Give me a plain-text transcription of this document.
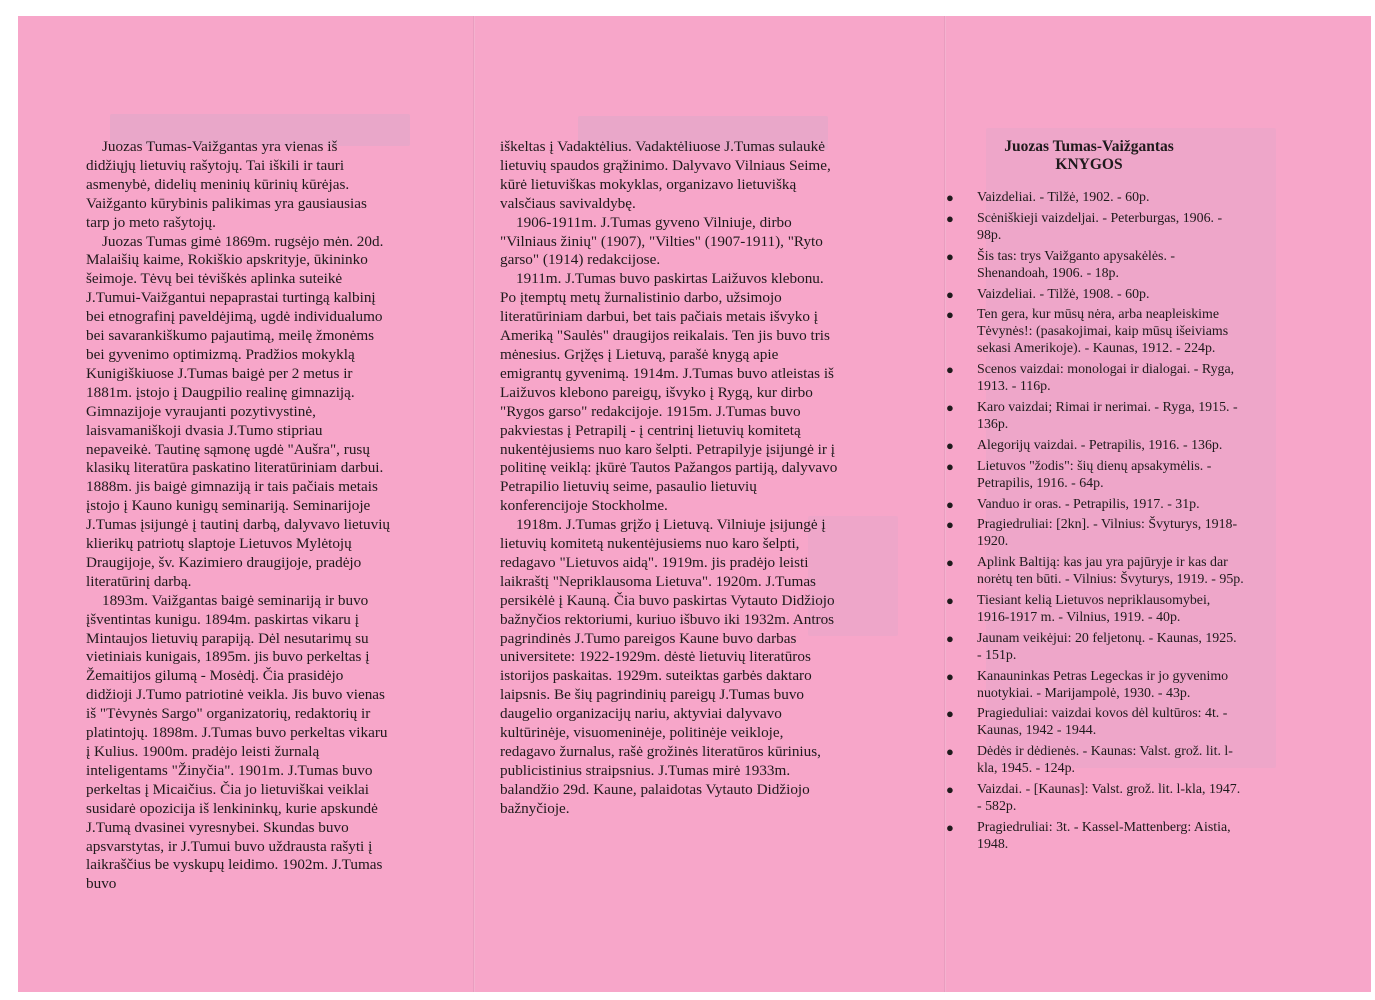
Juozas Tumas-Vaižgantas yra vienas iš didžiųjų lietuvių rašytojų. Tai iškili ir tauri asmenybė, didelių meninių kūrinių kūrėjas. Vaižganto kūrybinis palikimas yra gausiausias tarp jo meto rašytojų.

Juozas Tumas gimė 1869m. rugsėjo mėn. 20d. Malaišių kaime, Rokiškio apskrityje, ūkininko šeimoje. Tėvų bei tėviškės aplinka suteikė J.Tumui-Vaižgantui nepaprastai turtingą kalbinį bei etnografinį paveldėjimą, ugdė individualumo bei savarankiškumo pajautimą, meilę žmonėms bei gyvenimo optimizmą. Pradžios mokyklą Kunigiškiuose J.Tumas baigė per 2 metus ir 1881m. įstojo į Daugpilio realinę gimnaziją. Gimnazijoje vyraujanti pozytivystinė, laisvamaniškoji dvasia J.Tumo stipriau nepaveikė. Tautinę sąmonę ugdė "Aušra", rusų klasikų literatūra paskatino literatūriniam darbui. 1888m. jis baigė gimnaziją ir tais pačiais metais įstojo į Kauno kunigų seminariją. Seminarijoje J.Tumas įsijungė į tautinį darbą, dalyvavo lietuvių klierikų patriotų slaptoje Lietuvos Mylėtojų Draugijoje, šv. Kazimiero draugijoje, pradėjo literatūrinį darbą.

1893m. Vaižgantas baigė seminariją ir buvo įšventintas kunigu. 1894m. paskirtas vikaru į Mintaujos lietuvių parapiją. Dėl nesutarimų su vietiniais kunigais, 1895m. jis buvo perkeltas į Žemaitijos gilumą - Mosėdį. Čia prasidėjo didžioji J.Tumo patriotinė veikla. Jis buvo vienas iš "Tėvynės Sargo" organizatorių, redaktorių ir platintojų. 1898m. J.Tumas buvo perkeltas vikaru į Kulius. 1900m. pradėjo leisti žurnalą inteligentams "Žinyčia". 1901m. J.Tumas buvo perkeltas į Micaičius. Čia jo lietuviškai veiklai susidarė opozicija iš lenkininkų, kurie apskundė J.Tumą dvasinei vyresnybei. Skundas buvo apsvarstytas, ir J.Tumui buvo uždrausta rašyti į laikraščius be vyskupų leidimo. 1902m. J.Tumas buvo

iškeltas į Vadaktėlius. Vadaktėliuose J.Tumas sulaukė lietuvių spaudos grąžinimo. Dalyvavo Vilniaus Seime, kūrė lietuviškas mokyklas, organizavo lietuvišką valsčiaus savivaldybę.

1906-1911m. J.Tumas gyveno Vilniuje, dirbo "Vilniaus žinių" (1907), "Vilties" (1907-1911), "Ryto garso" (1914) redakcijose.

1911m. J.Tumas buvo paskirtas Laižuvos klebonu. Po įtemptų metų žurnalistinio darbo, užsimojo literatūriniam darbui, bet tais pačiais metais išvyko į Ameriką "Saulės" draugijos reikalais. Ten jis buvo tris mėnesius. Grįžęs į Lietuvą, parašė knygą apie emigrantų gyvenimą. 1914m. J.Tumas buvo atleistas iš Laižuvos klebono pareigų, išvyko į Rygą, kur dirbo "Rygos garso" redakcijoje. 1915m. J.Tumas buvo pakviestas į Petrapilį - į centrinį lietuvių komitetą nukentėjusiems nuo karo šelpti. Petrapilyje įsijungė ir į politinę veiklą: įkūrė Tautos Pažangos partiją, dalyvavo Petrapilio lietuvių seime, pasaulio lietuvių konferencijoje Stockholme.

1918m. J.Tumas grįžo į Lietuvą. Vilniuje įsijungė į lietuvių komitetą nukentėjusiems nuo karo šelpti, redagavo "Lietuvos aidą". 1919m. jis pradėjo leisti laikraštį "Nepriklausoma Lietuva". 1920m. J.Tumas persikėlė į Kauną. Čia buvo paskirtas Vytauto Didžiojo bažnyčios rektoriumi, kuriuo išbuvo iki 1932m. Antros pagrindinės J.Tumo pareigos Kaune buvo darbas universitete: 1922-1929m. dėstė lietuvių literatūros istorijos paskaitas. 1929m. suteiktas garbės daktaro laipsnis. Be šių pagrindinių pareigų J.Tumas buvo daugelio organizacijų nariu, aktyviai dalyvavo kultūrinėje, visuomeninėje, politinėje veikloje, redagavo žurnalus, rašė grožinės literatūros kūrinius, publicistinius straipsnius. J.Tumas mirė 1933m. balandžio 29d. Kaune, palaidotas Vytauto Didžiojo bažnyčioje.

Juozas Tumas-Vaižgantas
KNYGOS
● Vaizdeliai. - Tilžė, 1902. - 60p.
● Scėniškieji vaizdeljai. - Peterburgas, 1906. - 98p.
● Šis tas: trys Vaižganto apysakėlės. - Shenandoah, 1906. - 18p.
● Vaizdeliai. - Tilžė, 1908. - 60p.
● Ten gera, kur mūsų nėra, arba neapleiskime Tėvynės!: (pasakojimai, kaip mūsų išeiviams sekasi Amerikoje). - Kaunas, 1912. - 224p.
● Scenos vaizdai: monologai ir dialogai. - Ryga, 1913. - 116p.
● Karo vaizdai; Rimai ir nerimai. - Ryga, 1915. - 136p.
● Alegorijų vaizdai. - Petrapilis, 1916. - 136p.
● Lietuvos "žodis": šių dienų apsakymėlis. - Petrapilis, 1916. - 64p.
● Vanduo ir oras. - Petrapilis, 1917. - 31p.
● Pragiedruliai: [2kn]. - Vilnius: Švyturys, 1918-1920.
● Aplink Baltiją: kas jau yra pajūryje ir kas dar norėtų ten būti. - Vilnius: Švyturys, 1919. - 95p.
● Tiesiant kelią Lietuvos nepriklausomybei, 1916-1917 m. - Vilnius, 1919. - 40p.
● Jaunam veikėjui: 20 feljetonų. - Kaunas, 1925. - 151p.
● Kanauninkas Petras Legeckas ir jo gyvenimo nuotykiai. - Marijampolė, 1930. - 43p.
● Pragieduliai: vaizdai kovos dėl kultūros: 4t. - Kaunas, 1942 - 1944.
● Dėdės ir dėdienės. - Kaunas: Valst. grož. lit. l-kla, 1945. - 124p.
● Vaizdai. - [Kaunas]: Valst. grož. lit. l-kla, 1947. - 582p.
● Pragiedruliai: 3t. - Kassel-Mattenberg: Aistia, 1948.
